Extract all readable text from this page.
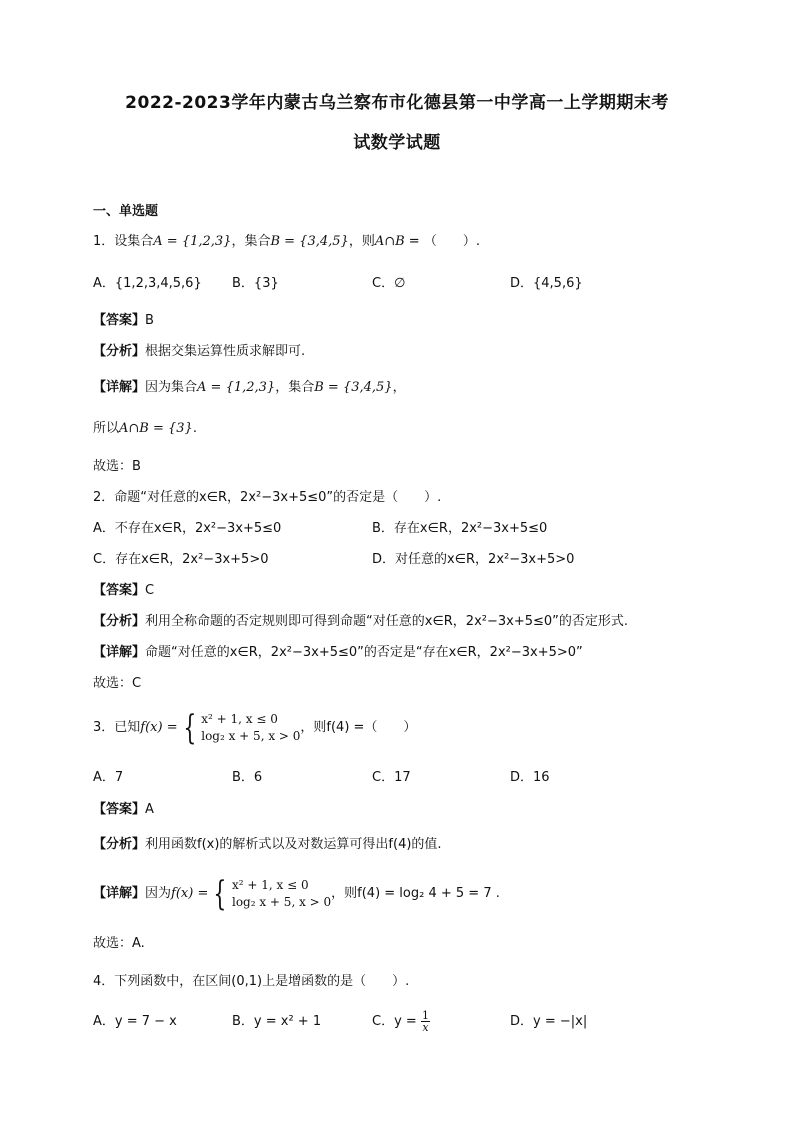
2022-2023学年内蒙古乌兰察布市化德县第一中学高一上学期期末考
试数学试题
一、单选题
1．设集合A = {1,2,3}，集合B = {3,4,5}，则A∩B = （　　）.
A．{1,2,3,4,5,6} B．{3}	C．∅	D．{4,5,6}
【答案】B
【分析】根据交集运算性质求解即可.
【详解】因为集合A = {1,2,3}，集合B = {3,4,5}，
所以A∩B = {3}.
故选：B
2．命题“对任意的x∈R，2x²−3x+5≤0”的否定是（　　）.
A．不存在x∈R，2x²−3x+5≤0	B．存在x∈R，2x²−3x+5≤0
C．存在x∈R，2x²−3x+5>0	D．对任意的x∈R，2x²−3x+5>0
【答案】C
【分析】利用全称命题的否定规则即可得到命题“对任意的x∈R，2x²−3x+5≤0”的否定形式.
【详解】命题“对任意的x∈R，2x²−3x+5≤0”的否定是“存在x∈R，2x²−3x+5>0”
故选：C
3．已知f(x) = { x² + 1, x ≤ 0
log₂ x + 5, x > 0
，则f(4) =（　　）
A．7	B．6	C．17	D．16
【答案】A
【分析】利用函数f(x)的解析式以及对数运算可得出f(4)的值.
【详解】因为f(x) = { x² + 1, x ≤ 0
log₂ x + 5, x > 0
，则f(4) = log₂ 4 + 5 = 7 .
故选：A.
4．下列函数中，在区间(0,1)上是增函数的是（　　）.
A．y = 7 − x	B．y = x² + 1	C．$y = \frac{1}{x}$	D．y = −|x|
